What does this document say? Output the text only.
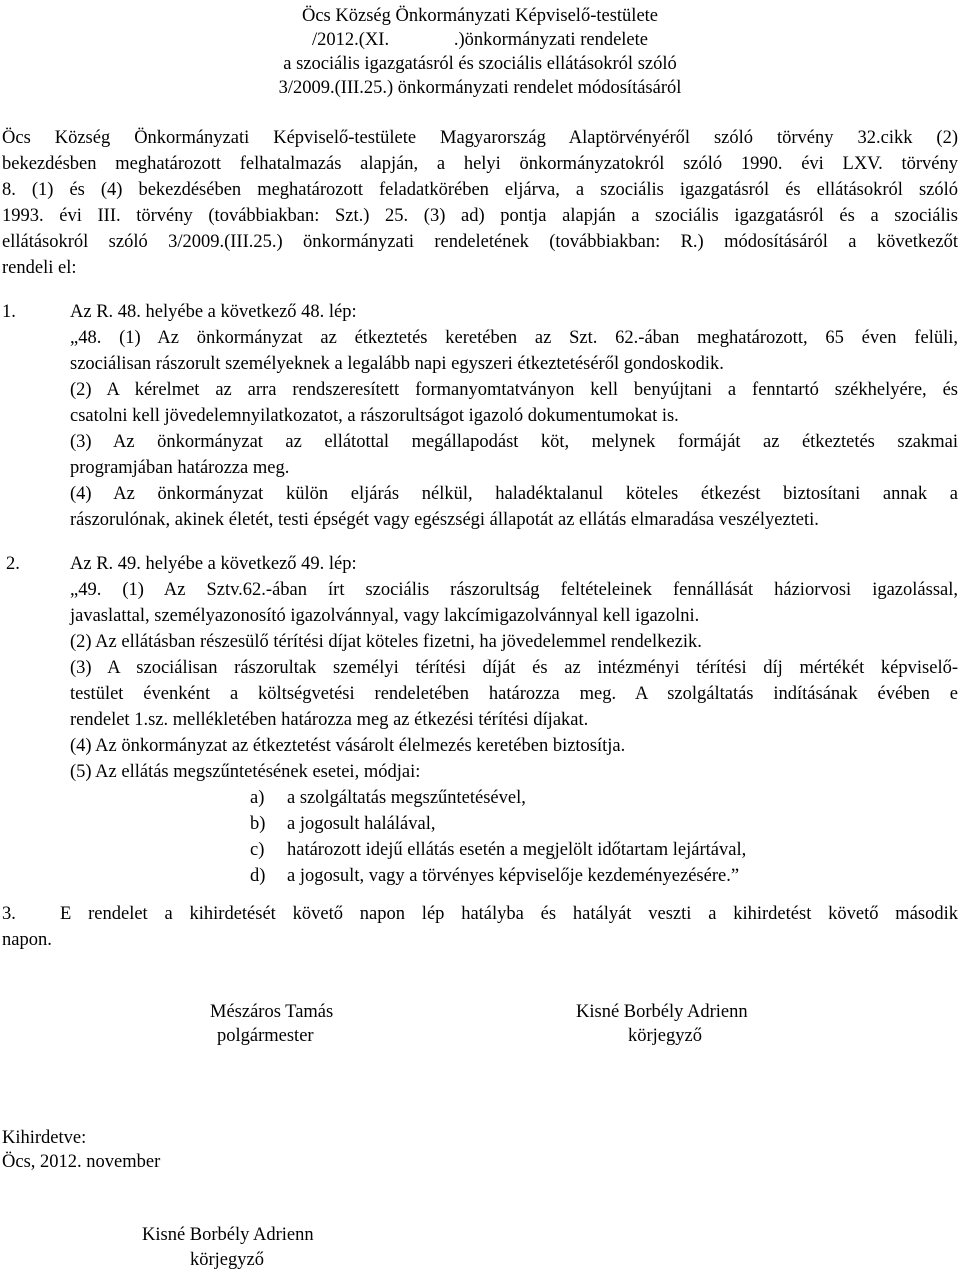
Öcs Község Önkormányzati Képviselő-testülete
/2012.(XI.              .)önkormányzati rendelete
a szociális igazgatásról és szociális ellátásokról szóló
3/2009.(III.25.) önkormányzati rendelet módosításáról
Öcs Község Önkormányzati Képviselő-testülete Magyarország Alaptörvényéről szóló törvény 32.cikk (2)
bekezdésben meghatározott felhatalmazás alapján, a helyi önkormányzatokról szóló 1990. évi LXV. törvény
8. (1) és (4) bekezdésében meghatározott feladatkörében eljárva, a szociális igazgatásról és ellátásokról szóló
1993. évi III. törvény (továbbiakban: Szt.) 25. (3) ad) pontja alapján a szociális igazgatásról és a szociális
ellátásokról szóló 3/2009.(III.25.) önkormányzati rendeletének (továbbiakban: R.) módosításáról a következőt
rendeli el:
1.	Az R. 48. helyébe a következő 48. lép:
„48. (1) Az önkormányzat az étkeztetés keretében az Szt. 62.-ában meghatározott, 65 éven felüli,
szociálisan rászorult személyeknek a legalább napi egyszeri étkeztetéséről gondoskodik.
(2) A kérelmet az arra rendszeresített formanyomtatványon kell benyújtani a fenntartó székhelyére, és
csatolni kell jövedelemnyilatkozatot, a rászorultságot igazoló dokumentumokat is.
(3) Az önkormányzat az ellátottal megállapodást köt, melynek formáját az étkeztetés szakmai
programjában határozza meg.
(4) Az önkormányzat külön eljárás nélkül, haladéktalanul köteles étkezést biztosítani annak a
rászorulónak, akinek életét, testi épségét vagy egészségi állapotát az ellátás elmaradása veszélyezteti.
2.	Az R. 49. helyébe a következő 49. lép:
„49. (1) Az Sztv.62.-ában írt szociális rászorultság feltételeinek fennállását háziorvosi igazolással,
javaslattal, személyazonosító igazolvánnyal, vagy lakcímigazolvánnyal kell igazolni.
(2) Az ellátásban részesülő térítési díjat köteles fizetni, ha jövedelemmel rendelkezik.
(3) A szociálisan rászorultak személyi térítési díját és az intézményi térítési díj mértékét képviselő-
testület évenként a költségvetési rendeletében határozza meg. A szolgáltatás indításának évében e
rendelet 1.sz. mellékletében határozza meg az étkezési térítési díjakat.
(4) Az önkormányzat az étkeztetést vásárolt élelmezés keretében biztosítja.
(5) Az ellátás megszűntetésének esetei, módjai:
a) a szolgáltatás megszűntetésével,
b) a jogosult halálával,
c) határozott idejű ellátás esetén a megjelölt időtartam lejártával,
d) a jogosult, vagy a törvényes képviselője kezdeményezésére.”
3. E rendelet a kihirdetését követő napon lép hatályba és hatályát veszti a kihirdetést követő második
napon.
Mészáros Tamás
polgármester
Kisné Borbély Adrienn
körjegyző
Kihirdetve:
Öcs, 2012. november
Kisné Borbély Adrienn
körjegyző
